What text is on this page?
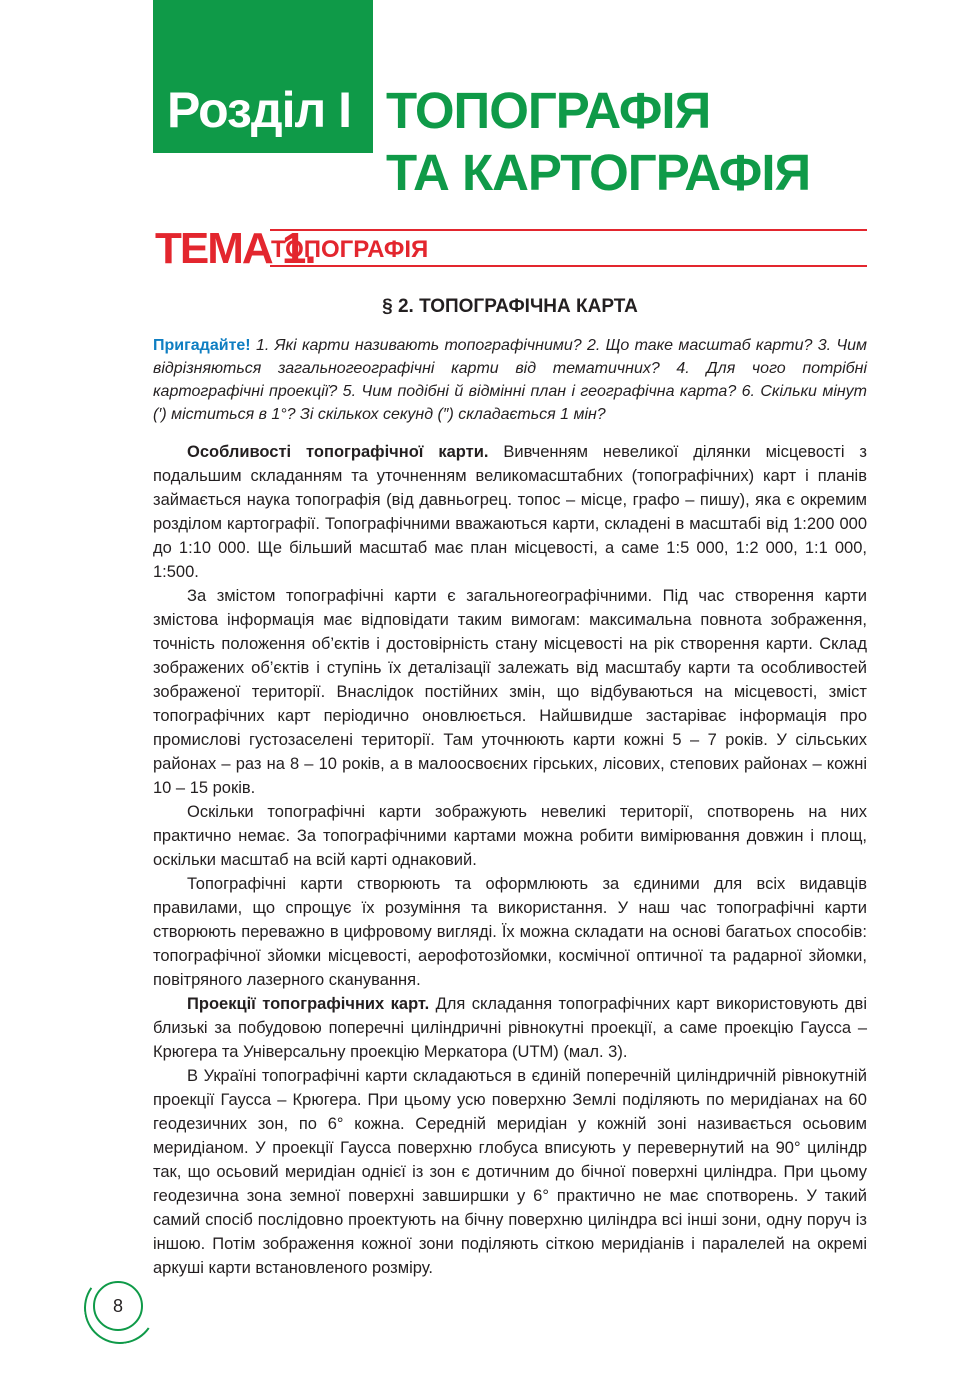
Розділ І ТОПОГРАФІЯ
ТА КАРТОГРАФІЯ
ТЕМА 1.
ТОПОГРАФІЯ
§ 2. ТОПОГРАФІЧНА КАРТА
Пригадайте! 1. Які карти називають топографічними? 2. Що таке масштаб карти? 3. Чим відрізняються загальногеографічні карти від тематичних? 4. Для чого потрібні картографічні проекції? 5. Чим подібні й відмінні план і географічна карта? 6. Скільки мінут (′) міститься в 1°? Зі скількох секунд (″) складається 1 мін?

Особливості топографічної карти. Вивченням невеликої ділянки місцевості з подальшим складанням та уточненням великомасштабних (топографічних) карт і планів займається наука топографія (від давньогрец. топос – місце, графо – пишу), яка є окремим розділом картографії. Топографічними вважаються карти, складені в масштабі від 1:200 000 до 1:10 000. Ще більший масштаб має план місцевості, а саме 1:5 000, 1:2 000, 1:1 000, 1:500.

За змістом топографічні карти є загальногеографічними. Під час створення карти змістова інформація має відповідати таким вимогам: максимальна повнота зображення, точність положення об’єктів і достовірність стану місцевості на рік створення карти. Склад зображених об’єктів і ступінь їх деталізації залежать від масштабу карти та особливостей зображеної території. Внаслідок постійних змін, що відбуваються на місцевості, зміст топографічних карт періодично оновлюється. Найшвидше застаріває інформація про промислові густозаселені території. Там уточнюють карти кожні 5 – 7 років. У сільських районах – раз на 8 – 10 років, а в малоосвоєних гірських, лісових, степових районах – кожні 10 – 15 років.

Оскільки топографічні карти зображують невеликі території, спотворень на них практично немає. За топографічними картами можна робити вимірювання довжин і площ, оскільки масштаб на всій карті однаковий.

Топографічні карти створюють та оформлюють за єдиними для всіх видавців правилами, що спрощує їх розуміння та використання. У наш час топографічні карти створюють переважно в цифровому вигляді. Їх можна складати на основі багатьох способів: топографічної зйомки місцевості, аерофотозйомки, космічної оптичної та радарної зйомки, повітряного лазерного сканування.

Проекції топографічних карт. Для складання топографічних карт використовують дві близькі за побудовою поперечні циліндричні рівнокутні проекції, а саме проекцію Гаусса – Крюгера та Універсальну проекцію Меркатора (UTM) (мал. 3).

В Україні топографічні карти складаються в єдиній поперечній циліндричній рівнокутній проекції Гаусса – Крюгера. При цьому усю поверхню Землі поділяють по меридіанах на 60 геодезичних зон, по 6° кожна. Середній меридіан у кожній зоні називається осьовим меридіаном. У проекції Гаусса поверхню глобуса вписують у перевернутий на 90° циліндр так, що осьовий меридіан однієї із зон є дотичним до бічної поверхні циліндра. При цьому геодезична зона земної поверхні завширшки у 6° практично не має спотворень. У такий самий спосіб послідовно проектують на бічну поверхню циліндра всі інші зони, одну поруч із іншою. Потім зображення кожної зони поділяють сіткою меридіанів і паралелей на окремі аркуші карти встановленого розміру.

8
